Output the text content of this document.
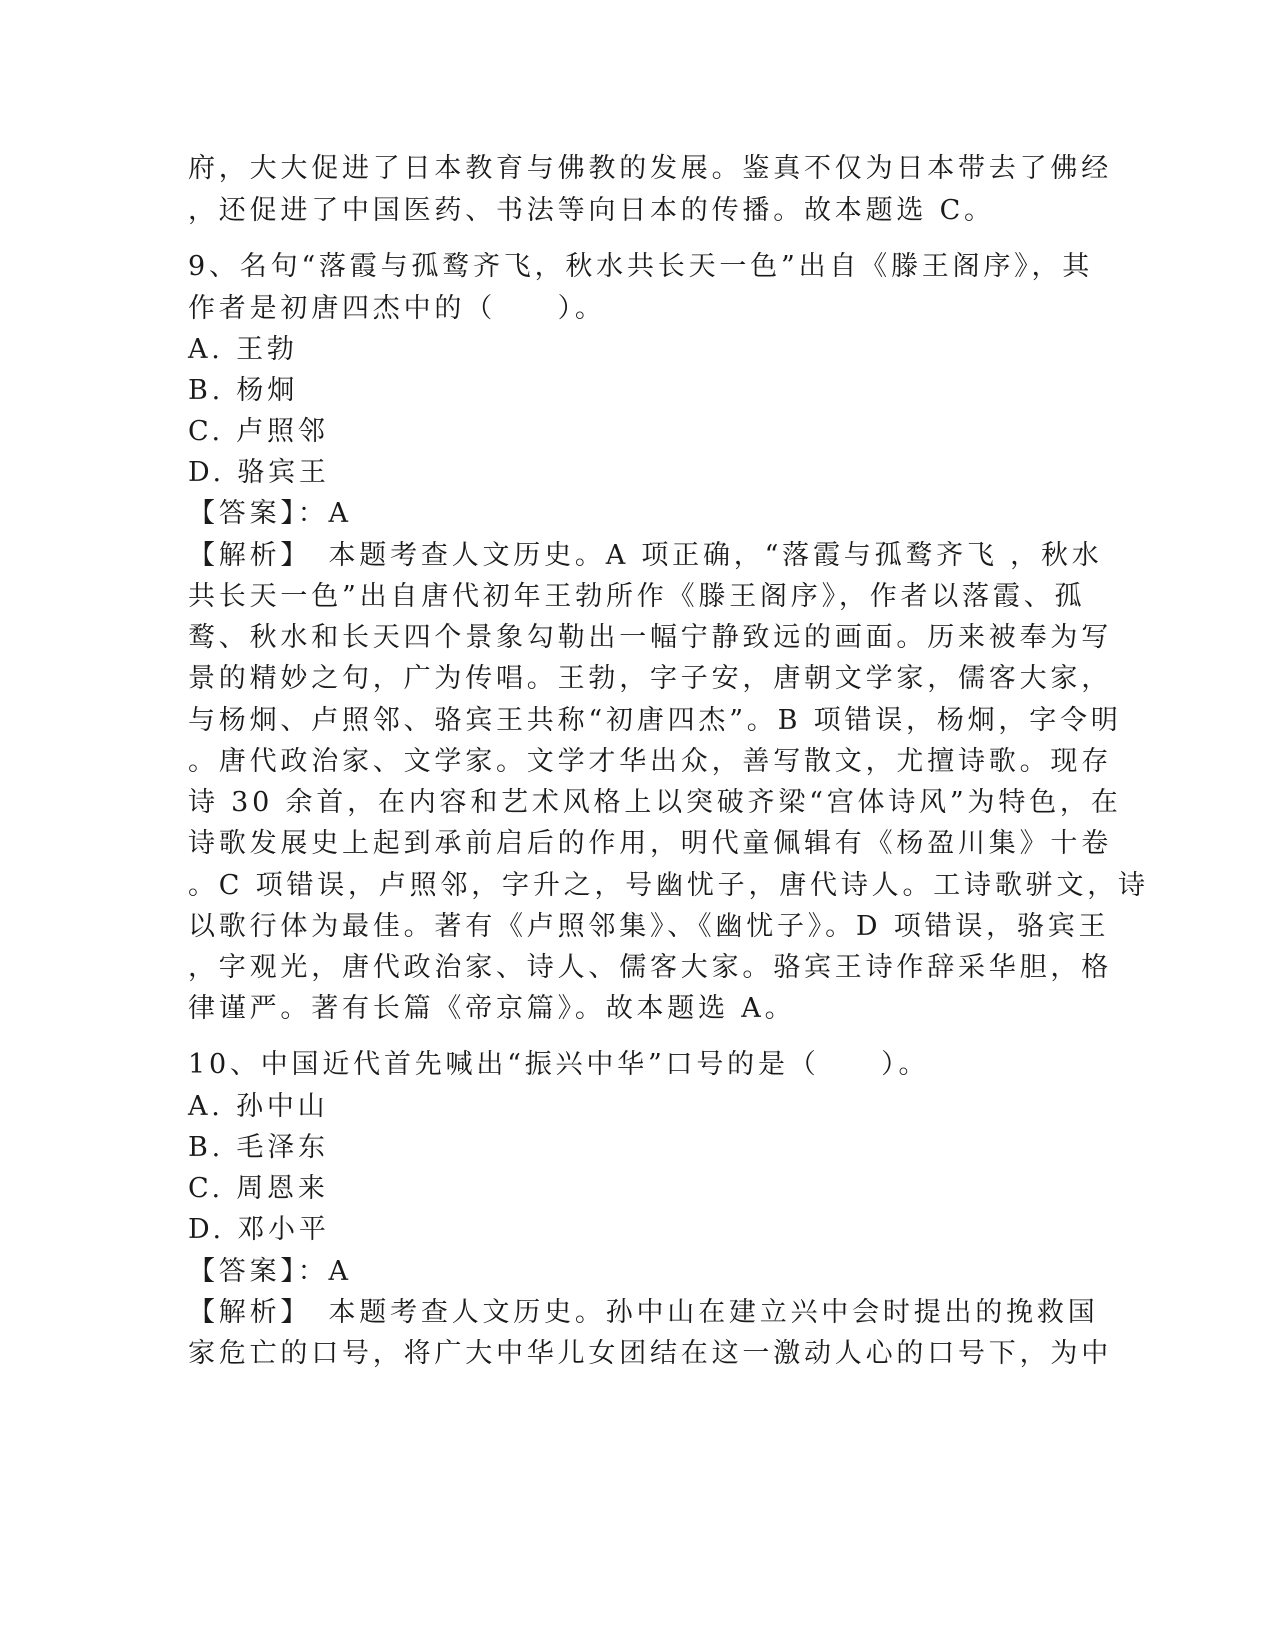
府，大大促进了日本教育与佛教的发展。鉴真不仅为日本带去了佛经
，还促进了中国医药、书法等向日本的传播。故本题选 C。
9、名句“落霞与孤鹜齐飞，秋水共长天一色”出自《滕王阁序》，其
作者是初唐四杰中的（　　）。
A. 王勃
B. 杨炯
C. 卢照邻
D. 骆宾王
【答案】：A
【解析】　本题考查人文历史。A 项正确，“落霞与孤鹜齐飞 ，秋水
共长天一色”出自唐代初年王勃所作《滕王阁序》，作者以落霞、孤
鹜、秋水和长天四个景象勾勒出一幅宁静致远的画面。历来被奉为写
景的精妙之句，广为传唱。王勃，字子安，唐朝文学家，儒客大家，
与杨炯、卢照邻、骆宾王共称“初唐四杰”。B 项错误，杨炯，字令明
。唐代政治家、文学家。文学才华出众，善写散文，尤擅诗歌。现存
诗 30 余首，在内容和艺术风格上以突破齐梁“宫体诗风”为特色，在
诗歌发展史上起到承前启后的作用，明代童佩辑有《杨盈川集》十卷
。C 项错误，卢照邻，字升之，号幽忧子，唐代诗人。工诗歌骈文，诗
以歌行体为最佳。著有《卢照邻集》、《幽忧子》。D 项错误，骆宾王
，字观光，唐代政治家、诗人、儒客大家。骆宾王诗作辞采华胆，格
律谨严。著有长篇《帝京篇》。故本题选 A。
10、中国近代首先喊出“振兴中华”口号的是（　　）。
A. 孙中山
B. 毛泽东
C. 周恩来
D. 邓小平
【答案】：A
【解析】　本题考查人文历史。孙中山在建立兴中会时提出的挽救国
家危亡的口号，将广大中华儿女团结在这一激动人心的口号下，为中
